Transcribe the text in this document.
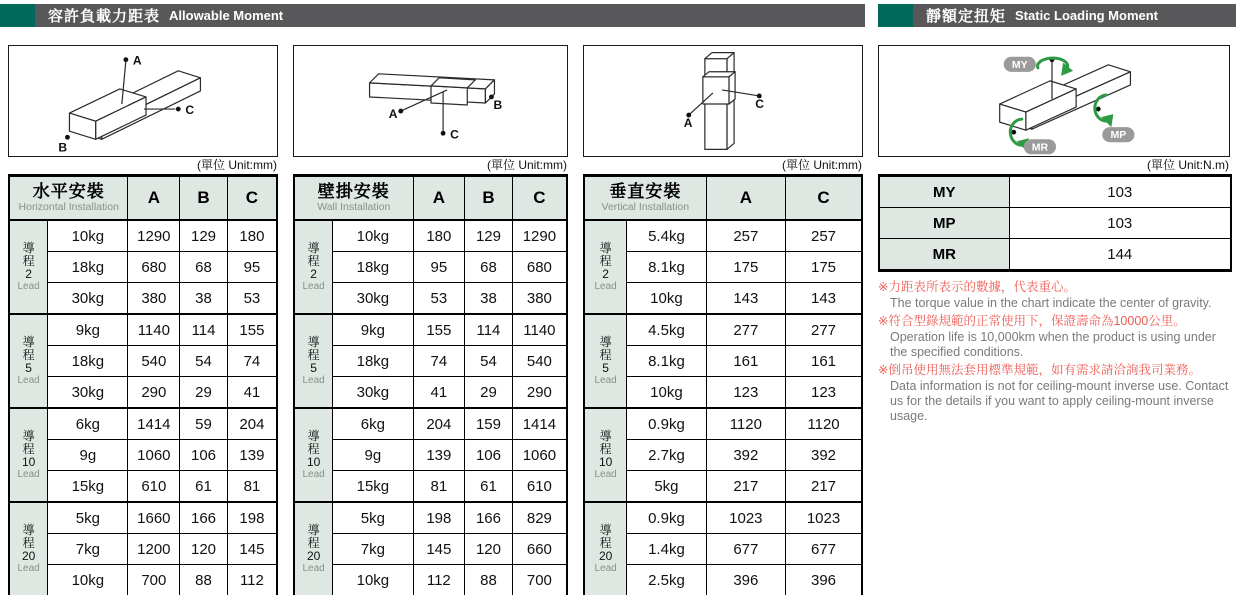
容許負載力距表 Allowable Moment	靜額定扭矩 Static Loading Moment
A
B
C
(單位 Unit:mm)
水平安裝
Horizontal Installation		A	B	C

導
程
2
Lead	10kg	1290	129	180
	18kg	680	68	95
	30kg	380	38	53

導
程
5
Lead	9kg	1140	114	155
	18kg	540	54	74
	30kg	290	29	41

導
程
10
Lead	6kg	1414	59	204
	9g	1060	106	139
	15kg	610	61	81

導
程
20
Lead	5kg	1660	166	198
	7kg	1200	120	145
	10kg	700	88	112
A
B
C
(單位 Unit:mm)
壁掛安裝
Wall Installation		A	B	C

導
程
2
Lead	10kg	180	129	1290
	18kg	95	68	680
	30kg	53	38	380

導
程
5
Lead	9kg	155	114	1140
	18kg	74	54	540
	30kg	41	29	290

導
程
10
Lead	6kg	204	159	1414
	9g	139	106	1060
	15kg	81	61	610

導
程
20
Lead	5kg	198	166	829
	7kg	145	120	660
	10kg	112	88	700
A
C
(單位 Unit:mm)
垂直安裝
Vertical Installation		A	C

導
程
2
Lead	5.4kg	257	257
	8.1kg	175	175
	10kg	143	143

導
程
5
Lead	4.5kg	277	277
	8.1kg	161	161
	10kg	123	123

導
程
10
Lead	0.9kg	1120	1120
	2.7kg	392	392
	5kg	217	217

導
程
20
Lead	0.9kg	1023	1023
	1.4kg	677	677
	2.5kg	396	396
MY
MP
MR
(單位 Unit:N.m)
MY	103
MP	103
MR	144
※力距表所表示的數據，代表重心。
The torque value in the chart indicate the center of gravity.
※符合型錄規範的正常使用下，保證壽命為10000公里。
Operation life is 10,000km when the product is using under the specified conditions.
※倒吊使用無法套用標準規範，如有需求請洽詢我司業務。
Data information is not for ceiling-mount inverse use. Contact us for the details if you want to apply ceiling-mount inverse usage.
